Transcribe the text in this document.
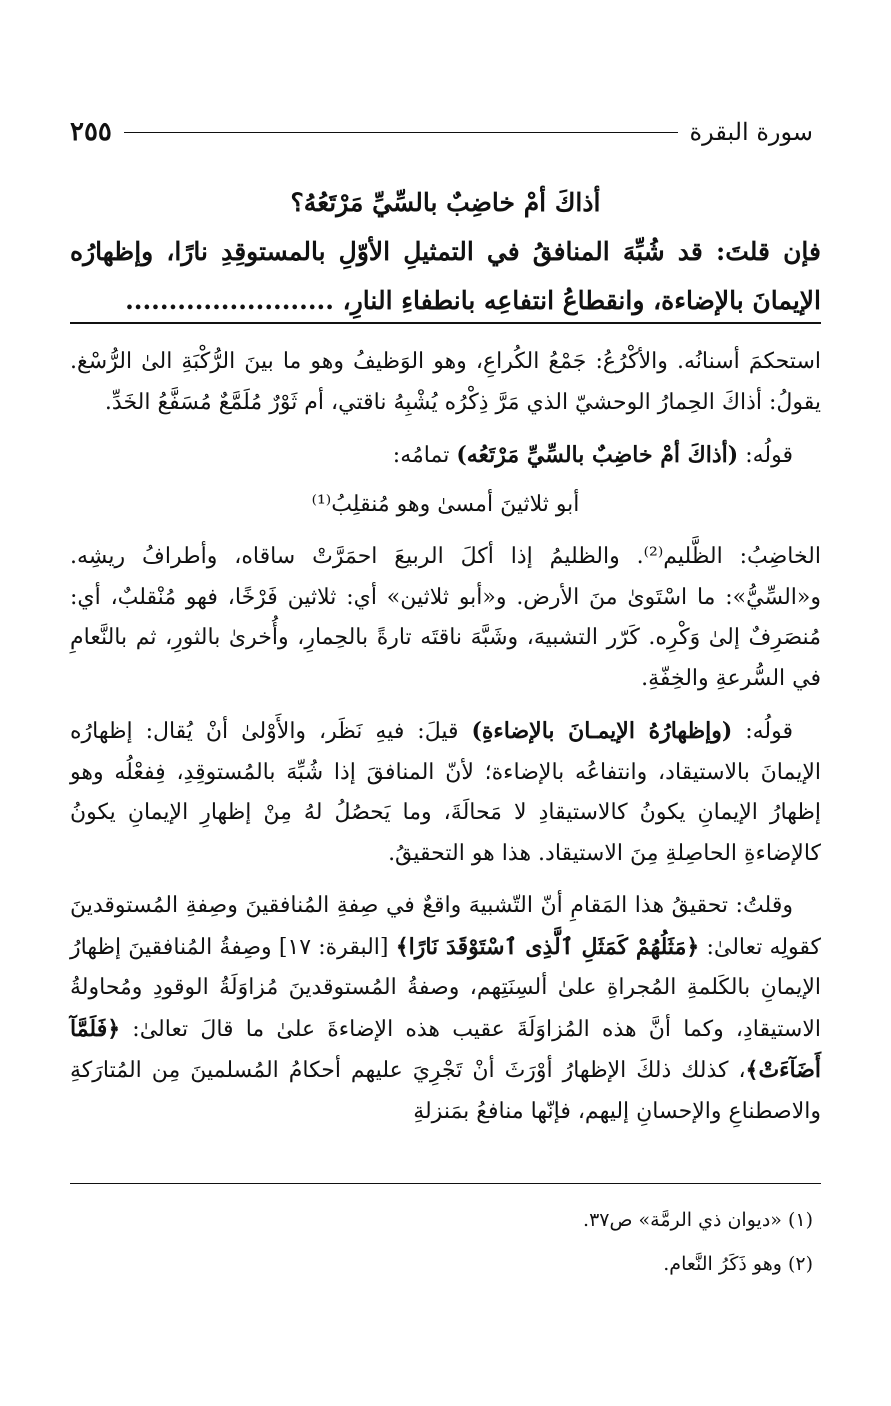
سورة البقرة
٢٥٥
أذاكَ أمْ خاضِبٌ بالسِّيِّ مَرْتَعُهُ؟

فإن قلتَ: قد شُبِّهَ المنافقُ في التمثيلِ الأوّلِ بالمستوقِدِ نارًا، وإظهارُه الإيمانَ بالإضاءة، وانقطاعُ انتفاعِه بانطفاءِ النارِ، ........................

استحكمَ أسنانُه. والأكْرُعُ: جَمْعُ الكُراعِ، وهو الوَظيفُ وهو ما بينَ الرُّكْبَةِ الىٰ الرُّسْغ. يقولُ: أذاكَ الحِمارُ الوحشيّ الذي مَرَّ ذِكْرُه يُشْبِهُ ناقتي، أم ثَوْرٌ مُلَمَّعٌ مُسَفَّعُ الخَدِّ.

قولُه: (أذاكَ أمْ خاضِبٌ بالسِّيِّ مَرْتَعُه) تمامُه:

أبو ثلاثينَ أمسىٰ وهو مُنقلِبُ⁽¹⁾

الخاضِبُ: الظَّليم⁽²⁾. والظليمُ إذا أكلَ الربيعَ احمَرَّتْ ساقاه، وأطرافُ ريشِه. و«السِّيُّ»: ما اسْتَوىٰ منَ الأرض. و«أبو ثلاثين» أي: ثلاثين فَرْخًا، فهو مُنْقلبٌ، أي: مُنصَرِفٌ إلىٰ وَكْرِه. كَرّر التشبيهَ، وشَبَّهَ ناقتَه تارةً بالحِمارِ، وأُخرىٰ بالثورِ، ثم بالنَّعامِ في السُّرعةِ والخِفّةِ.

قولُه: (وإظهارُهُ الإيمـانَ بالإضاءةِ) قيلَ: فيهِ نَظَر، والأَوْلىٰ أنْ يُقال: إظهارُه الإيمانَ بالاستيقاد، وانتفاعُه بالإضاءة؛ لأنّ المنافقَ إذا شُبِّهَ بالمُستوقِدِ، فِفعْلُه وهو إظهارُ الإيمانِ يكونُ كالاستيقادِ لا مَحالَةَ، وما يَحصُلُ لهُ مِنْ إظهارِ الإيمانِ يكونُ كالإضاءةِ الحاصِلةِ مِنَ الاستيقاد. هذا هو التحقيقُ.

وقلتُ: تحقيقُ هذا المَقامِ أنّ التّشبيهَ واقعٌ في صِفةِ المُنافقينَ وصِفةِ المُستوقدينَ كقولِه تعالىٰ: ﴿مَثَلُهُمْ كَمَثَلِ ٱلَّذِى ٱسْتَوْقَدَ نَارًا﴾ [البقرة: ١٧] وصِفةُ المُنافقينَ إظهارُ الإيمانِ بالكَلمةِ المُجراةِ علىٰ ألسِنَتِهم، وصفةُ المُستوقدينَ مُزاوَلَةُ الوقودِ ومُحاولةُ الاستيقادِ، وكما أنَّ هذه المُزاوَلَةَ عقيب هذه الإضاءةَ علىٰ ما قالَ تعالىٰ: ﴿فَلَمَّآ أَضَآءَتْ﴾، كذلك ذلكَ الإظهارُ أوْرَثَ أنْ تَجْرِيَ عليهم أحكامُ المُسلمينَ مِن المُتارَكةِ والاصطناعِ والإحسانِ إليهم، فإنّها منافعُ بمَنزلةِ

(١) «ديوان ذي الرمَّة» ص٣٧.
(٢) وهو ذَكَرُ النَّعام.
